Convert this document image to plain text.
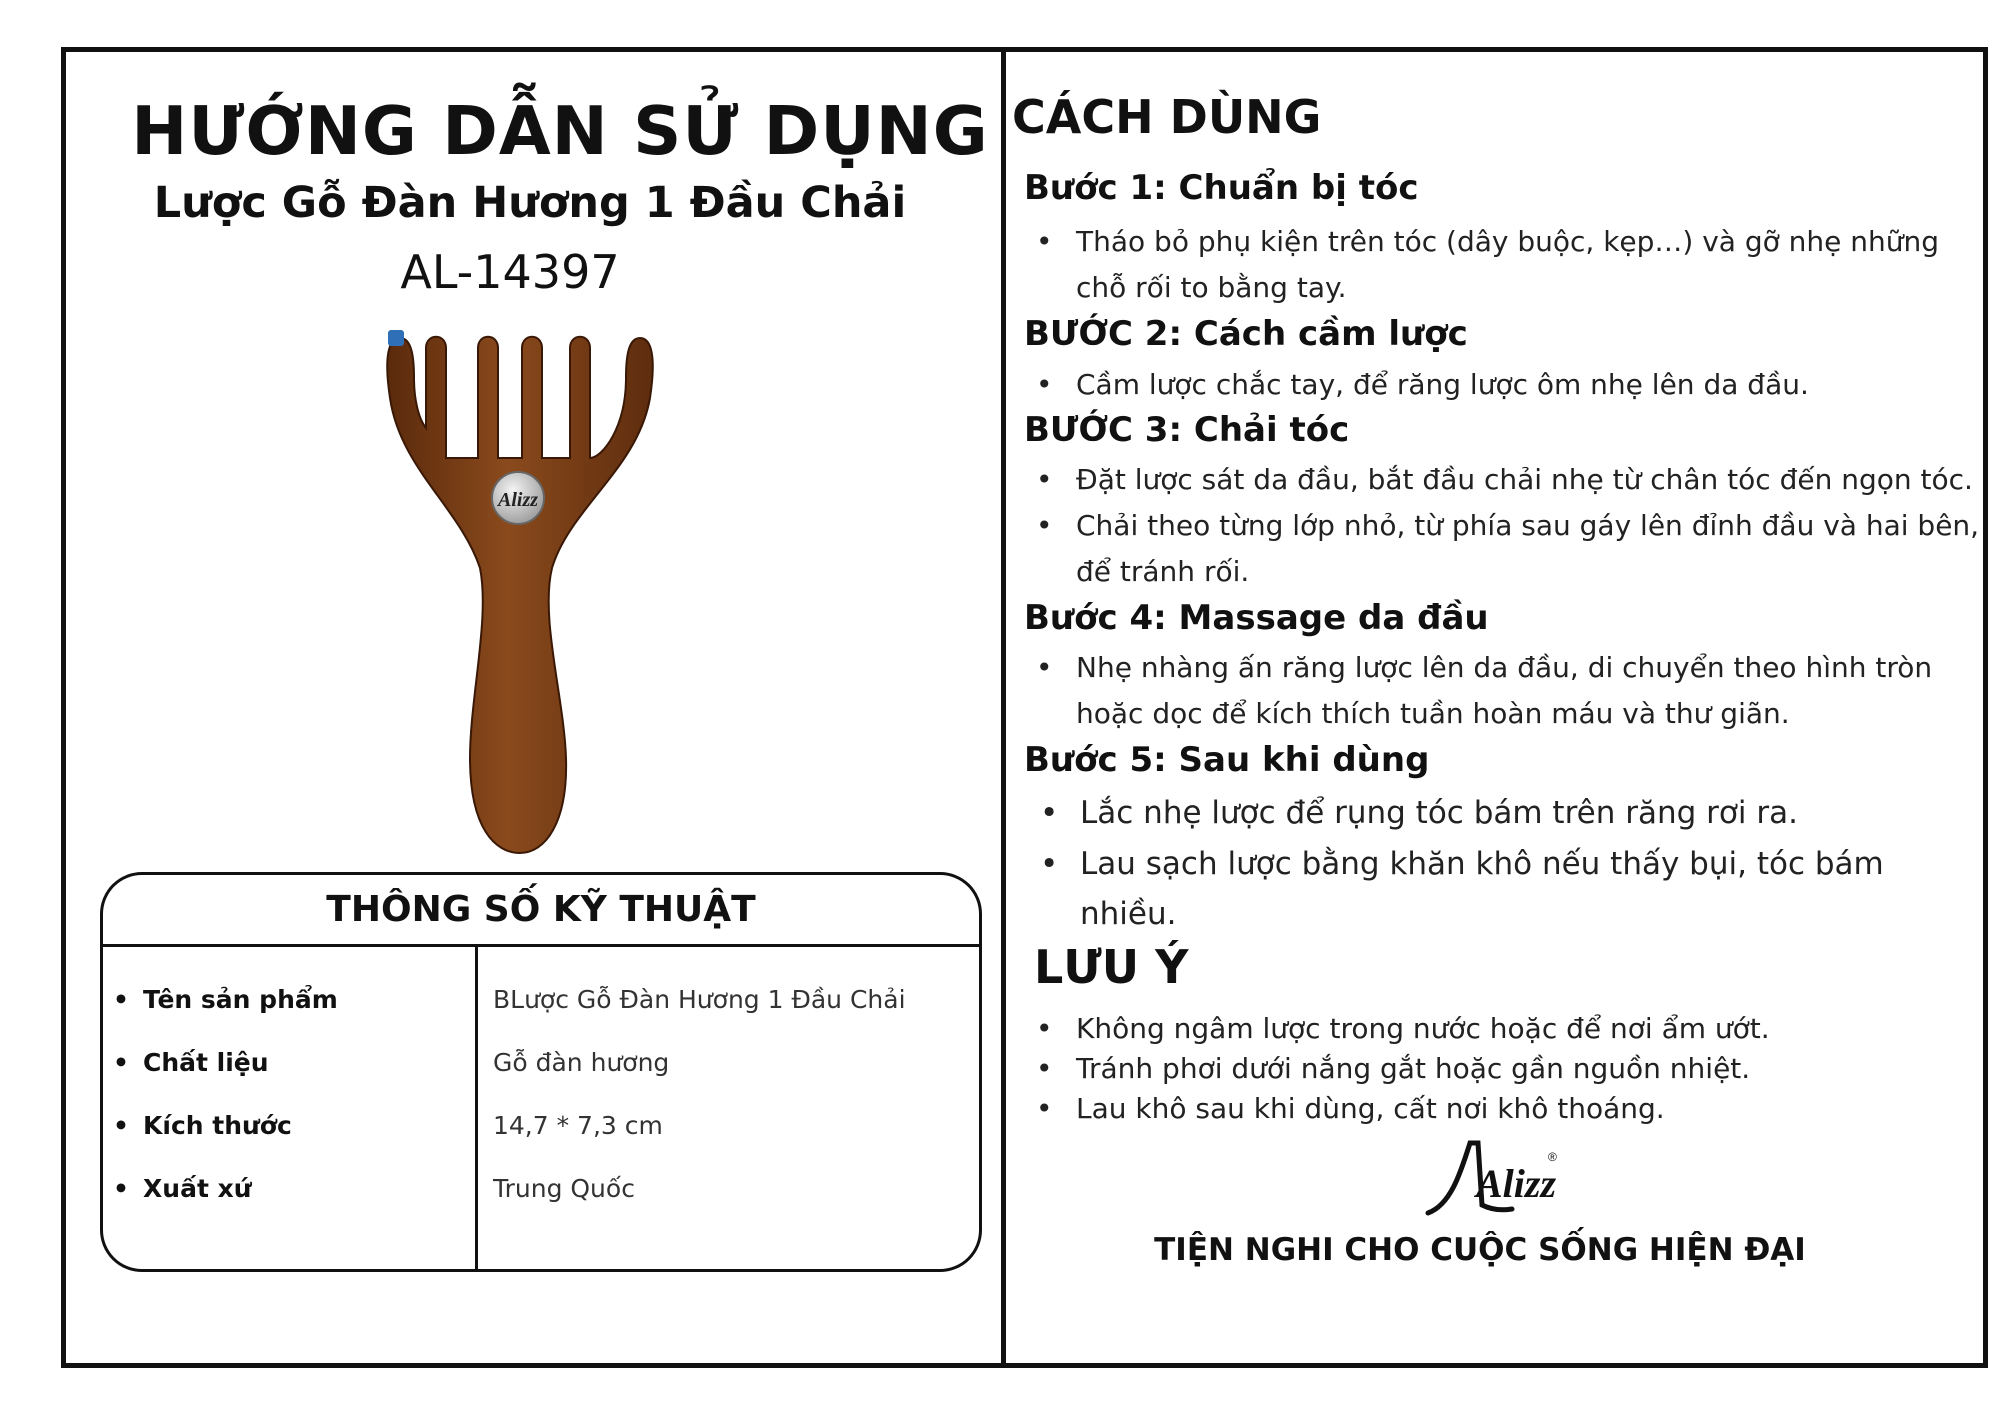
HƯỚNG DẪN SỬ DỤNG
Lược Gỗ Đàn Hương 1 Đầu Chải
AL-14397
Alizz
THÔNG SỐ KỸ THUẬT
• Tên sản phẩm	BLược Gỗ Đàn Hương 1 Đầu Chải
• Chất liệu	Gỗ đàn hương
• Kích thước	14,7 * 7,3 cm
• Xuất xứ	Trung Quốc
CÁCH DÙNG
Bước 1: Chuẩn bị tóc
• Tháo bỏ phụ kiện trên tóc (dây buộc, kẹp…) và gỡ nhẹ những chỗ rối to bằng tay.
BƯỚC 2: Cách cầm lược
• Cầm lược chắc tay, để răng lược ôm nhẹ lên da đầu.
BƯỚC 3: Chải tóc
• Đặt lược sát da đầu, bắt đầu chải nhẹ từ chân tóc đến ngọn tóc.
• Chải theo từng lớp nhỏ, từ phía sau gáy lên đỉnh đầu và hai bên, để tránh rối.
Bước 4: Massage da đầu
• Nhẹ nhàng ấn răng lược lên da đầu, di chuyển theo hình tròn hoặc dọc để kích thích tuần hoàn máu và thư giãn.
Bước 5: Sau khi dùng
• Lắc nhẹ lược để rụng tóc bám trên răng rơi ra.
• Lau sạch lược bằng khăn khô nếu thấy bụi, tóc bám nhiều.
LƯU Ý
• Không ngâm lược trong nước hoặc để nơi ẩm ướt.
• Tránh phơi dưới nắng gắt hoặc gần nguồn nhiệt.
• Lau khô sau khi dùng, cất nơi khô thoáng.
Alizz
®
TIỆN NGHI CHO CUỘC SỐNG HIỆN ĐẠI
